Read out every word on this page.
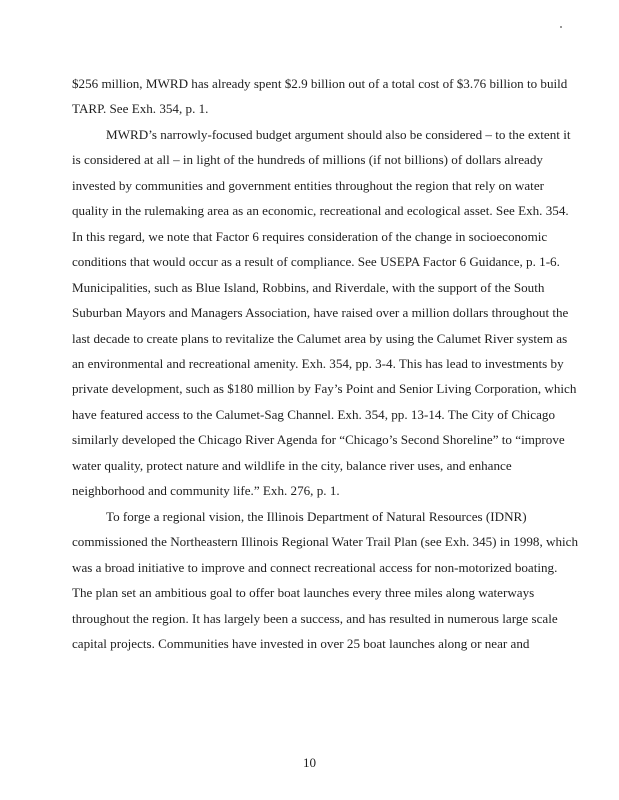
$256 million, MWRD has already spent $2.9 billion out of a total cost of $3.76 billion to build
TARP. See Exh. 354, p. 1.

MWRD’s narrowly-focused budget argument should also be considered – to the extent it
is considered at all – in light of the hundreds of millions (if not billions) of dollars already
invested by communities and government entities throughout the region that rely on water
quality in the rulemaking area as an economic, recreational and ecological asset. See Exh. 354.
In this regard, we note that Factor 6 requires consideration of the change in socioeconomic
conditions that would occur as a result of compliance. See USEPA Factor 6 Guidance, p. 1-6.
Municipalities, such as Blue Island, Robbins, and Riverdale, with the support of the South
Suburban Mayors and Managers Association, have raised over a million dollars throughout the
last decade to create plans to revitalize the Calumet area by using the Calumet River system as
an environmental and recreational amenity. Exh. 354, pp. 3-4. This has lead to investments by
private development, such as $180 million by Fay’s Point and Senior Living Corporation, which
have featured access to the Calumet-Sag Channel. Exh. 354, pp. 13-14. The City of Chicago
similarly developed the Chicago River Agenda for “Chicago’s Second Shoreline” to “improve
water quality, protect nature and wildlife in the city, balance river uses, and enhance
neighborhood and community life.” Exh. 276, p. 1.

To forge a regional vision, the Illinois Department of Natural Resources (IDNR)
commissioned the Northeastern Illinois Regional Water Trail Plan (see Exh. 345) in 1998, which
was a broad initiative to improve and connect recreational access for non-motorized boating.
The plan set an ambitious goal to offer boat launches every three miles along waterways
throughout the region. It has largely been a success, and has resulted in numerous large scale
capital projects. Communities have invested in over 25 boat launches along or near and

10
